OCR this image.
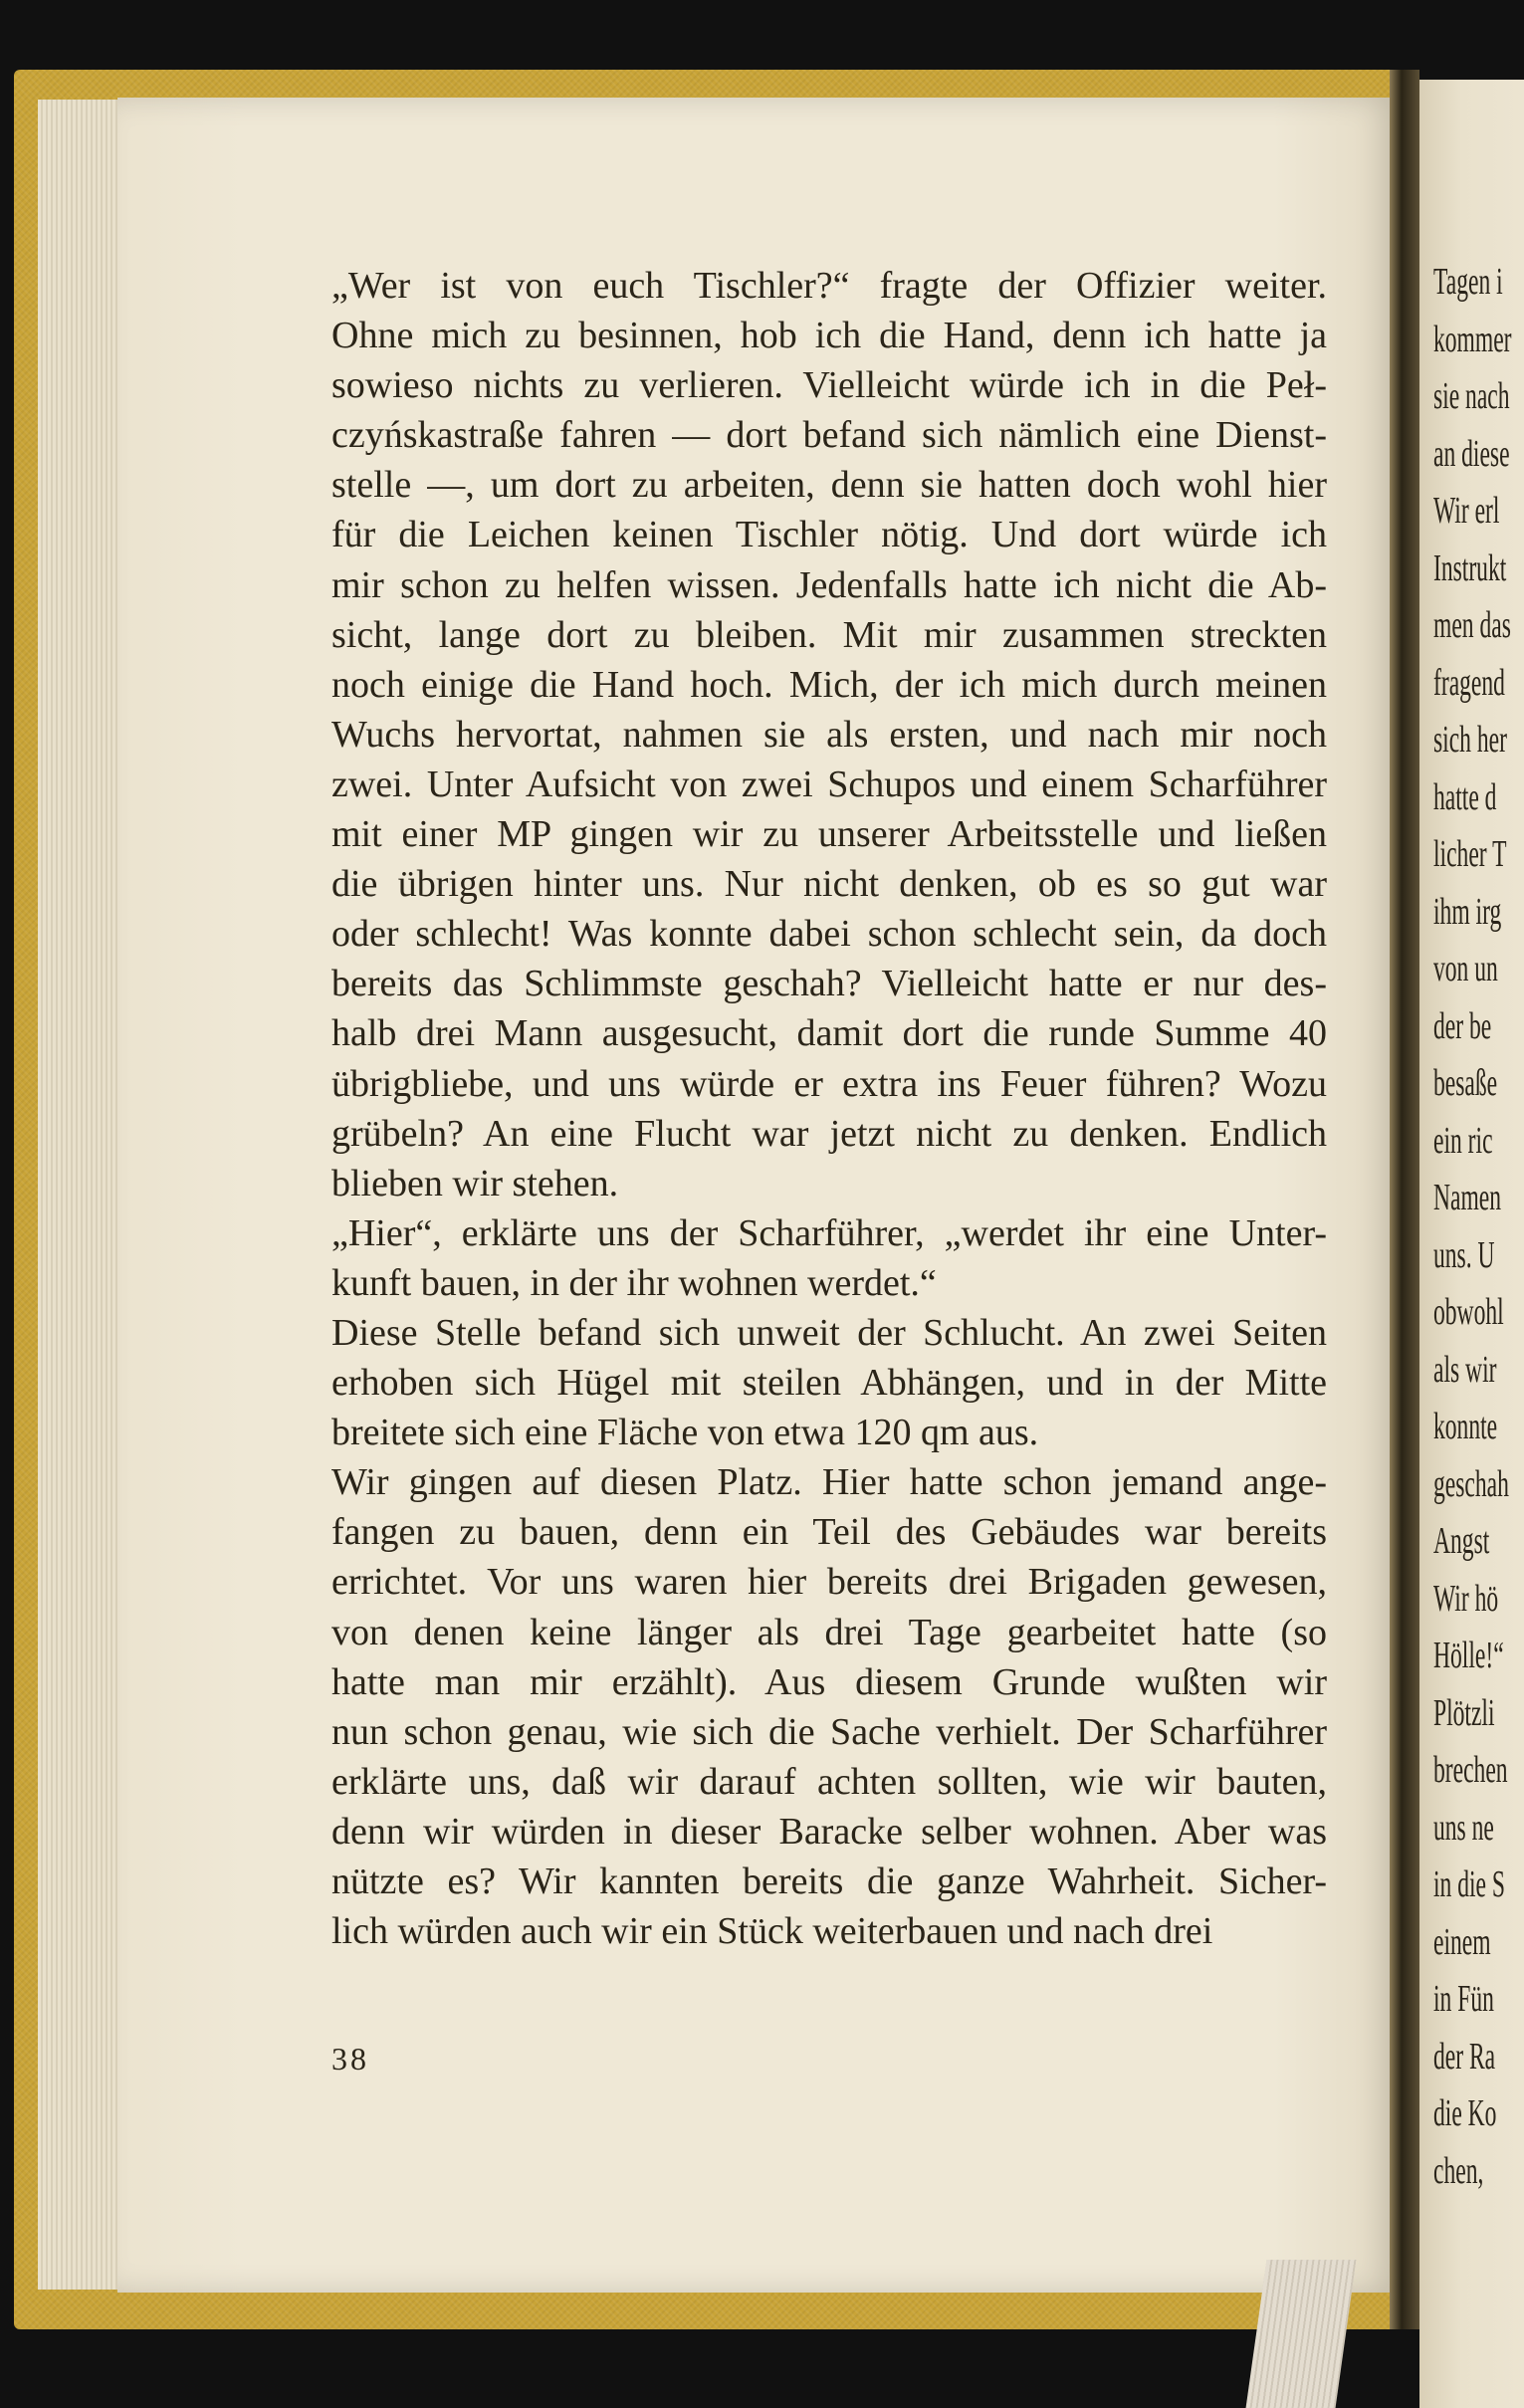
„Wer ist von euch Tischler?“ fragte der Offizier weiter.
Ohne mich zu besinnen, hob ich die Hand, denn ich hatte ja
sowieso nichts zu verlieren. Vielleicht würde ich in die Peł-
czyńskastraße fahren — dort befand sich nämlich eine Dienst-
stelle —, um dort zu arbeiten, denn sie hatten doch wohl hier
für die Leichen keinen Tischler nötig. Und dort würde ich
mir schon zu helfen wissen. Jedenfalls hatte ich nicht die Ab-
sicht, lange dort zu bleiben. Mit mir zusammen streckten
noch einige die Hand hoch. Mich, der ich mich durch meinen
Wuchs hervortat, nahmen sie als ersten, und nach mir noch
zwei. Unter Aufsicht von zwei Schupos und einem Scharführer
mit einer MP gingen wir zu unserer Arbeitsstelle und ließen
die übrigen hinter uns. Nur nicht denken, ob es so gut war
oder schlecht! Was konnte dabei schon schlecht sein, da doch
bereits das Schlimmste geschah? Vielleicht hatte er nur des-
halb drei Mann ausgesucht, damit dort die runde Summe 40
übrigbliebe, und uns würde er extra ins Feuer führen? Wozu
grübeln? An eine Flucht war jetzt nicht zu denken. Endlich
blieben wir stehen.
„Hier“, erklärte uns der Scharführer, „werdet ihr eine Unter-
kunft bauen, in der ihr wohnen werdet.“
Diese Stelle befand sich unweit der Schlucht. An zwei Seiten
erhoben sich Hügel mit steilen Abhängen, und in der Mitte
breitete sich eine Fläche von etwa 120 qm aus.
Wir gingen auf diesen Platz. Hier hatte schon jemand ange-
fangen zu bauen, denn ein Teil des Gebäudes war bereits
errichtet. Vor uns waren hier bereits drei Brigaden gewesen,
von denen keine länger als drei Tage gearbeitet hatte (so
hatte man mir erzählt). Aus diesem Grunde wußten wir
nun schon genau, wie sich die Sache verhielt. Der Scharführer
erklärte uns, daß wir darauf achten sollten, wie wir bauten,
denn wir würden in dieser Baracke selber wohnen. Aber was
nützte es? Wir kannten bereits die ganze Wahrheit. Sicher-
lich würden auch wir ein Stück weiterbauen und nach drei
38
Tagen i
kommer
sie nach
an diese
Wir erl
Instrukt
men das
fragend
sich her
hatte d
licher T
ihm irg
von un
der be
besaße
ein ric
Namen
uns. U
obwohl
als wir
konnte
geschah
Angst
Wir hö
Hölle!“
Plötzli
brechen
uns ne
in die S
einem
in Fün
der Ra
die Ko
chen,
